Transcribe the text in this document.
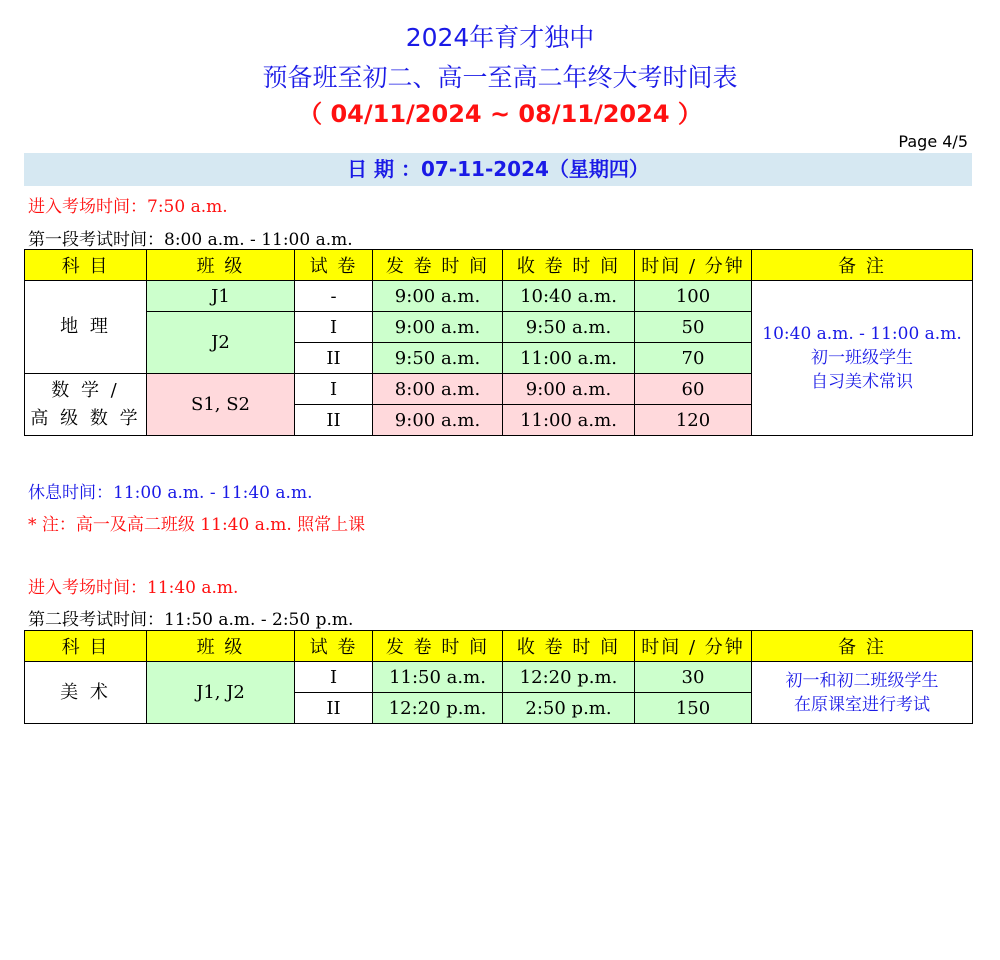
2024年育才独中
预备班至初二、高一至高二年终大考时间表
（ 04/11/2024 ~ 08/11/2024 ）
Page 4/5
日 期 ：07-11-2024（星期四）
进入考场时间：7:50 a.m.
第一段考试时间：8:00 a.m. - 11:00 a.m.
科 目	班 级	试 卷	发 卷 时 间	收 卷 时 间	时间 / 分钟	备 注
地 理	J1	-	9:00 a.m.	10:40 a.m.	100	10:40 a.m. - 11:00 a.m.
初一班级学生
自习美术常识

	J2	I	9:00 a.m.	9:50 a.m.	50	
		II	9:50 a.m.	11:00 a.m.	70	

数 学 /
高 级 数 学	S1, S2	I	8:00 a.m.	9:00 a.m.	60	
		II	9:00 a.m.	11:00 a.m.	120	
休息时间：11:00 a.m. - 11:40 a.m.
* 注：高一及高二班级 11:40 a.m. 照常上课
进入考场时间：11:40 a.m.
第二段考试时间：11:50 a.m. - 2:50 p.m.
科 目	班 级	试 卷	发 卷 时 间	收 卷 时 间	时间 / 分钟	备 注
美 术	J1, J2	I	11:50 a.m.	12:20 p.m.	30	初一和初二班级学生
在原课室进行考试

		II	12:20 p.m.	2:50 p.m.	150	
